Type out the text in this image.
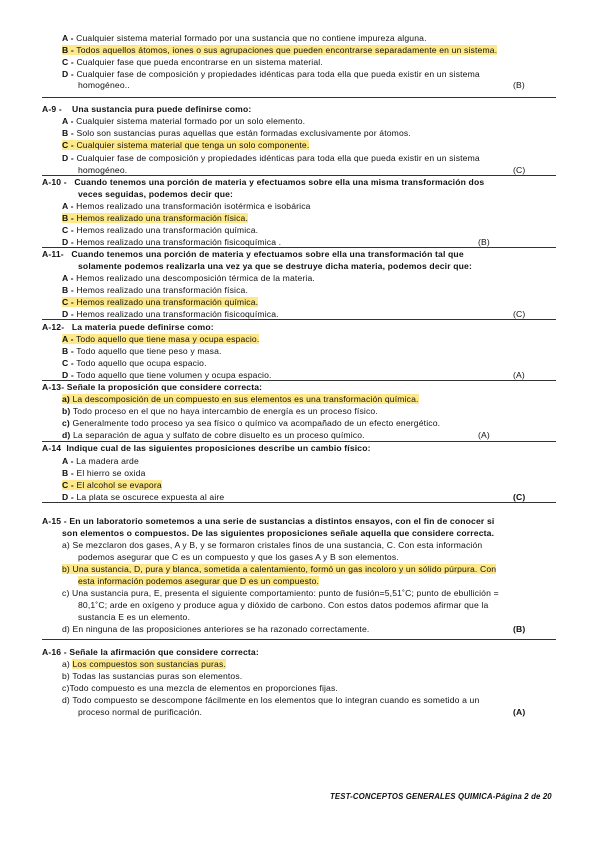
A - Cualquier sistema material formado por una sustancia que no contiene impureza alguna.
B - Todos aquellos átomos, iones o sus agrupaciones que pueden encontrarse separadamente en un sistema.
C - Cualquier fase que pueda encontrarse en un sistema material.
D - Cualquier fase de composición y propiedades idénticas para toda ella que pueda existir en un sistema
homogéneo..	(B)
A-9 - Una sustancia pura puede definirse como:
A - Cualquier sistema material formado por un solo elemento.
B - Solo son sustancias puras aquellas que están formadas exclusivamente por átomos.
C - Cualquier sistema material que tenga un solo componente.
D - Cualquier fase de composición y propiedades idénticas para toda ella que pueda existir en un sistema
homogéneo.	(C)
A-10 - Cuando tenemos una porción de materia y efectuamos sobre ella una misma transformación dos
veces seguidas, podemos decir que:
A - Hemos realizado una transformación isotérmica e isobárica
B - Hemos realizado una transformación física.
C - Hemos realizado una transformación química.
D - Hemos realizado una transformación fisicoquímica .	(B)
A-11- Cuando tenemos una porción de materia y efectuamos sobre ella una transformación tal que
solamente podemos realizarla una vez ya que se destruye dicha materia, podemos decir que:
A - Hemos realizado una descomposición térmica de la materia.
B - Hemos realizado una transformación física.
C - Hemos realizado una transformación química.
D - Hemos realizado una transformación fisicoquímica.	(C)
A-12- La materia puede definirse como:
A - Todo aquello que tiene masa y ocupa espacio.
B - Todo aquello que tiene peso y masa.
C - Todo aquello que ocupa espacio.
D - Todo aquello que tiene volumen y ocupa espacio.	(A)
A-13- Señale la proposición que considere correcta:
a) La descomposición de un compuesto en sus elementos es una transformación química.
b) Todo proceso en el que no haya intercambio de energía es un proceso físico.
c) Generalmente todo proceso ya sea físico o químico va acompañado de un efecto energético.
d) La separación de agua y sulfato de cobre disuelto es un proceso químico.	(A)
A-14 Indique cual de las siguientes proposiciones describe un cambio físico:
A - La madera arde
B - El hierro se oxida
C - El alcohol se evapora
D - La plata se oscurece expuesta al aire	(C)
A-15 - En un laboratorio sometemos a una serie de sustancias a distintos ensayos, con el fin de conocer si
son elementos o compuestos. De las siguientes proposiciones señale aquella que considere correcta.
a) Se mezclaron dos gases, A y B, y se formaron cristales finos de una sustancia, C. Con esta información
podemos asegurar que C es un compuesto y que los gases A y B son elementos.
b) Una sustancia, D, pura y blanca, sometida a calentamiento, formó un gas incoloro y un sólido púrpura. Con
esta información podemos asegurar que D es un compuesto.
c) Una sustancia pura, E, presenta el siguiente comportamiento: punto de fusión=5,51˚C; punto de ebullición =
80,1˚C; arde en oxígeno y produce agua y dióxido de carbono. Con estos datos podemos afirmar que la
sustancia E es un elemento.
d) En ninguna de las proposiciones anteriores se ha razonado correctamente.	(B)
A-16 - Señale la afirmación que considere correcta:
a) Los compuestos son sustancias puras.
b) Todas las sustancias puras son elementos.
c)Todo compuesto es una mezcla de elementos en proporciones fijas.
d) Todo compuesto se descompone fácilmente en los elementos que lo integran cuando es sometido a un
proceso normal de purificación.	(A)
TEST-CONCEPTOS GENERALES QUIMICA-Página 2 de 20
